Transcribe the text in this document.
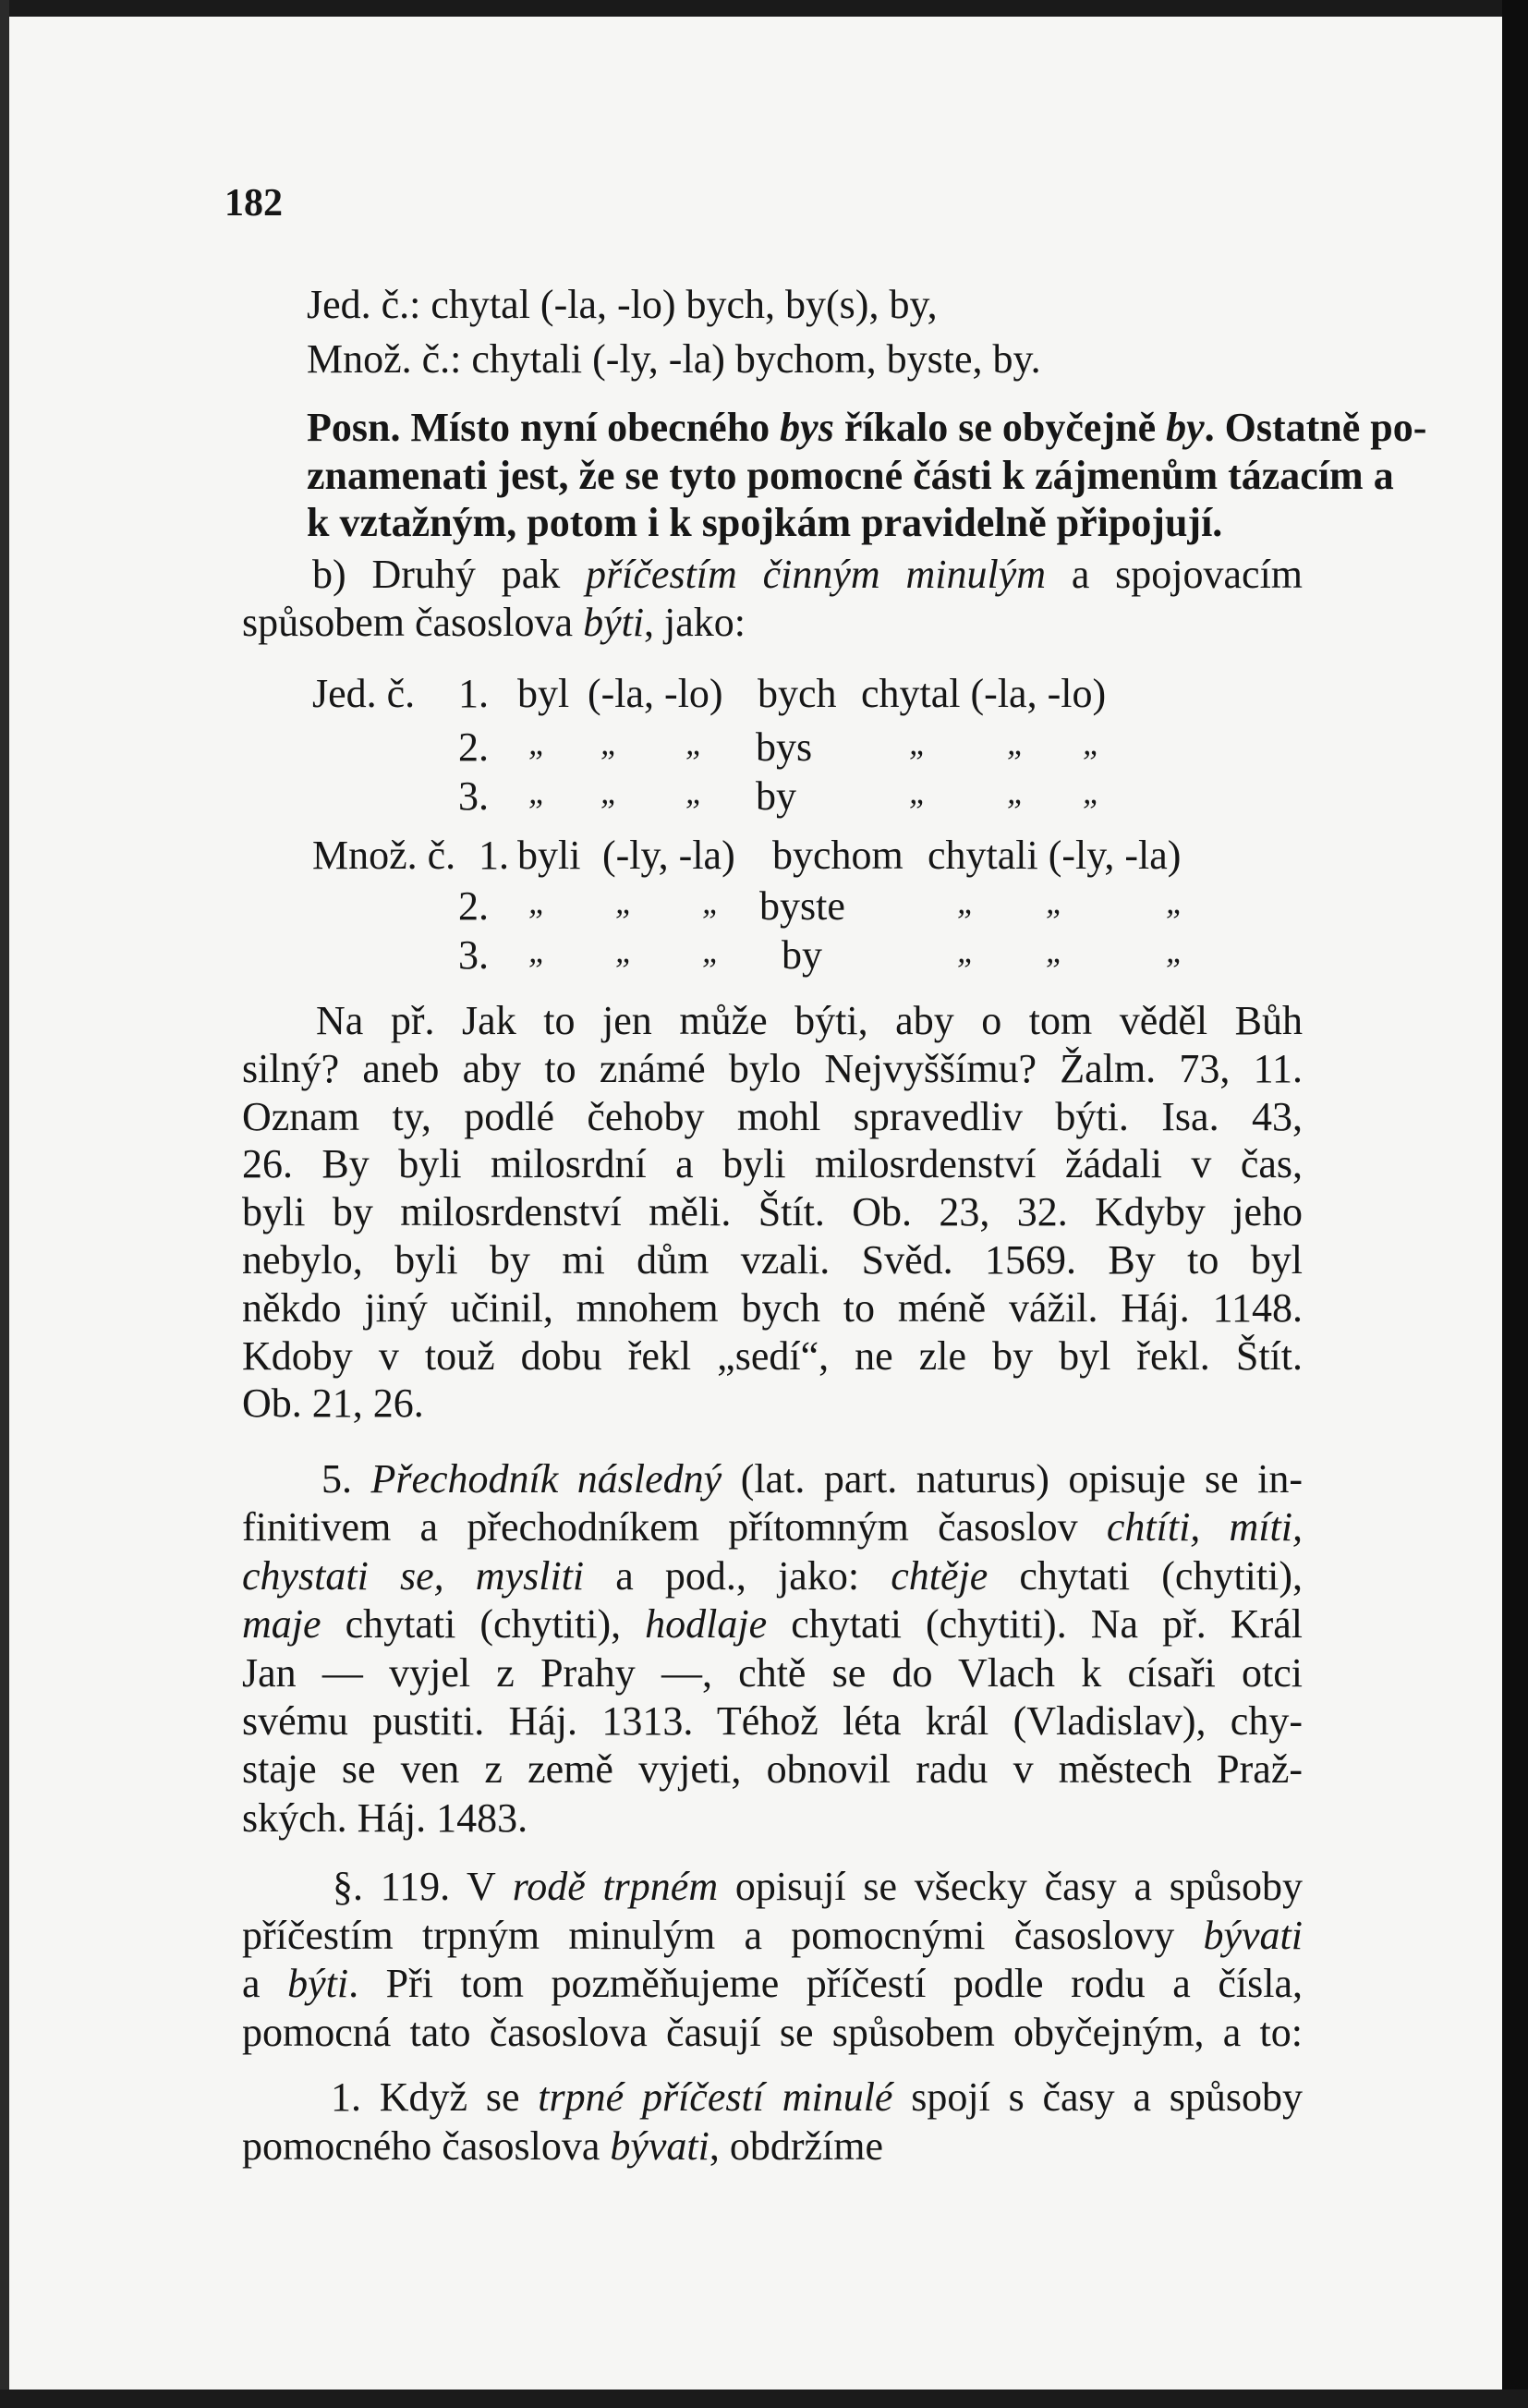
182
Jed. č.: chytal (-la, -lo) bych, by(s), by,
Množ. č.: chytali (-ly, -la) bychom, byste, by.
Posn. Místo nyní obecného bys říkalo se obyčejně by. Ostatně po-
znamenati jest, že se tyto pomocné části k zájmenům tázacím a
k vztažným, potom i k spojkám pravidelně připojují.
b) Druhý pak příčestím činným minulým a spojovacím
spůsobem časoslova býti, jako:
Jed. č. 1. byl (-la, -lo) bych chytal (-la, -lo)
2. „ „ „ bys	„ „ „
3. „ „ „ by	„ „ „
Množ. č. 1. byli (-ly, -la) bychom chytali (-ly, -la)
2. „ „ „ byste	„ „	„
3. „ „ „ by	„ „	„
Na př. Jak to jen může býti, aby o tom věděl Bůh
silný? aneb aby to známé bylo Nejvyššímu? Žalm. 73, 11.
Oznam ty, podlé čehoby mohl spravedliv býti. Isa. 43,
26. By byli milosrdní a byli milosrdenství žádali v čas,
byli by milosrdenství měli. Štít. Ob. 23, 32. Kdyby jeho
nebylo, byli by mi dům vzali. Svěd. 1569. By to byl
někdo jiný učinil, mnohem bych to méně vážil. Háj. 1148.
Kdoby v touž dobu řekl „sedí“, ne zle by byl řekl. Štít.
Ob. 21, 26.
5. Přechodník následný (lat. part. naturus) opisuje se in-
finitivem a přechodníkem přítomným časoslov chtíti, míti,
chystati se, mysliti a pod., jako: chtěje chytati (chytiti),
maje chytati (chytiti), hodlaje chytati (chytiti). Na př. Král
Jan — vyjel z Prahy —, chtě se do Vlach k císaři otci
svému pustiti. Háj. 1313. Téhož léta král (Vladislav), chy-
staje se ven z země vyjeti, obnovil radu v městech Praž-
ských. Háj. 1483.
§. 119. V rodě trpném opisují se všecky časy a spůsoby
příčestím trpným minulým a pomocnými časoslovy bývati
a býti. Při tom pozměňujeme příčestí podle rodu a čísla,
pomocná tato časoslova časují se spůsobem obyčejným, a to:
1. Když se trpné příčestí minulé spojí s časy a spůsoby
pomocného časoslova bývati, obdržíme
